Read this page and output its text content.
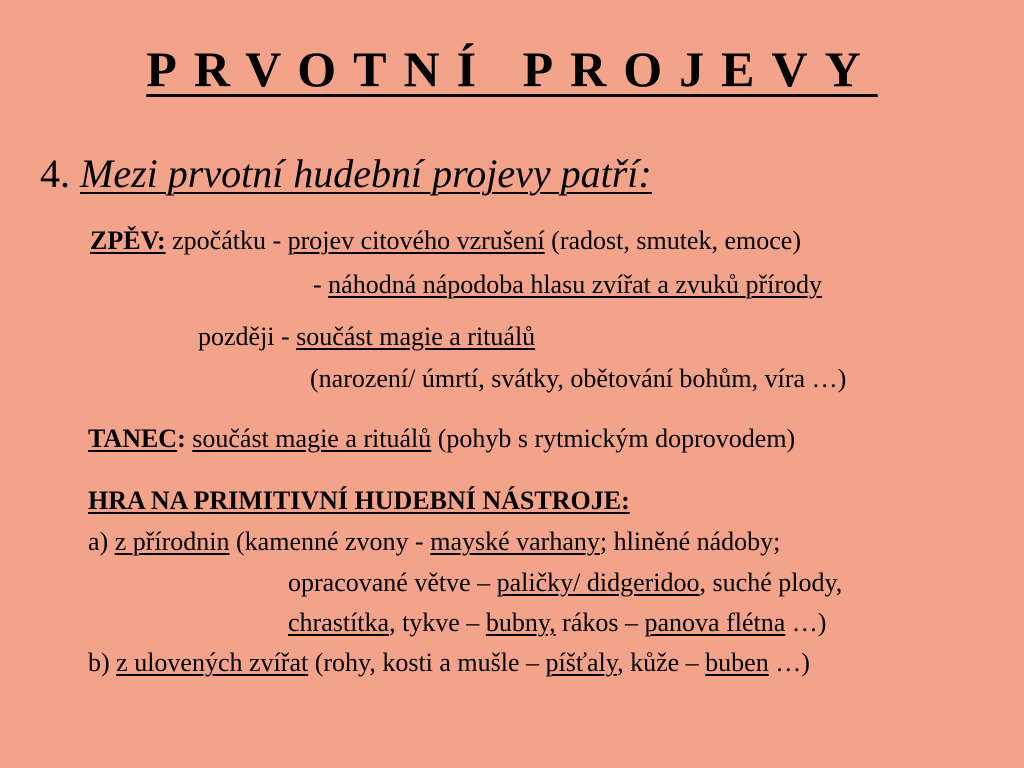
PRVOTNÍ PROJEVY
4. Mezi prvotní hudební projevy patří:
ZPĚV: zpočátku - projev citového vzrušení (radost, smutek, emoce)
- náhodná nápodoba hlasu zvířat a zvuků přírody
později - součást magie a rituálů
(narození/ úmrtí, svátky, obětování bohům, víra …)
TANEC: součást magie a rituálů (pohyb s rytmickým doprovodem)
HRA NA PRIMITIVNÍ HUDEBNÍ NÁSTROJE:
a) z přírodnin (kamenné zvony - mayské varhany; hliněné nádoby;
opracované větve – paličky/ didgeridoo, suché plody,
chrastítka, tykve – bubny, rákos – panova flétna …)
b) z ulovených zvířat (rohy, kosti a mušle – píšťaly, kůže – buben …)
